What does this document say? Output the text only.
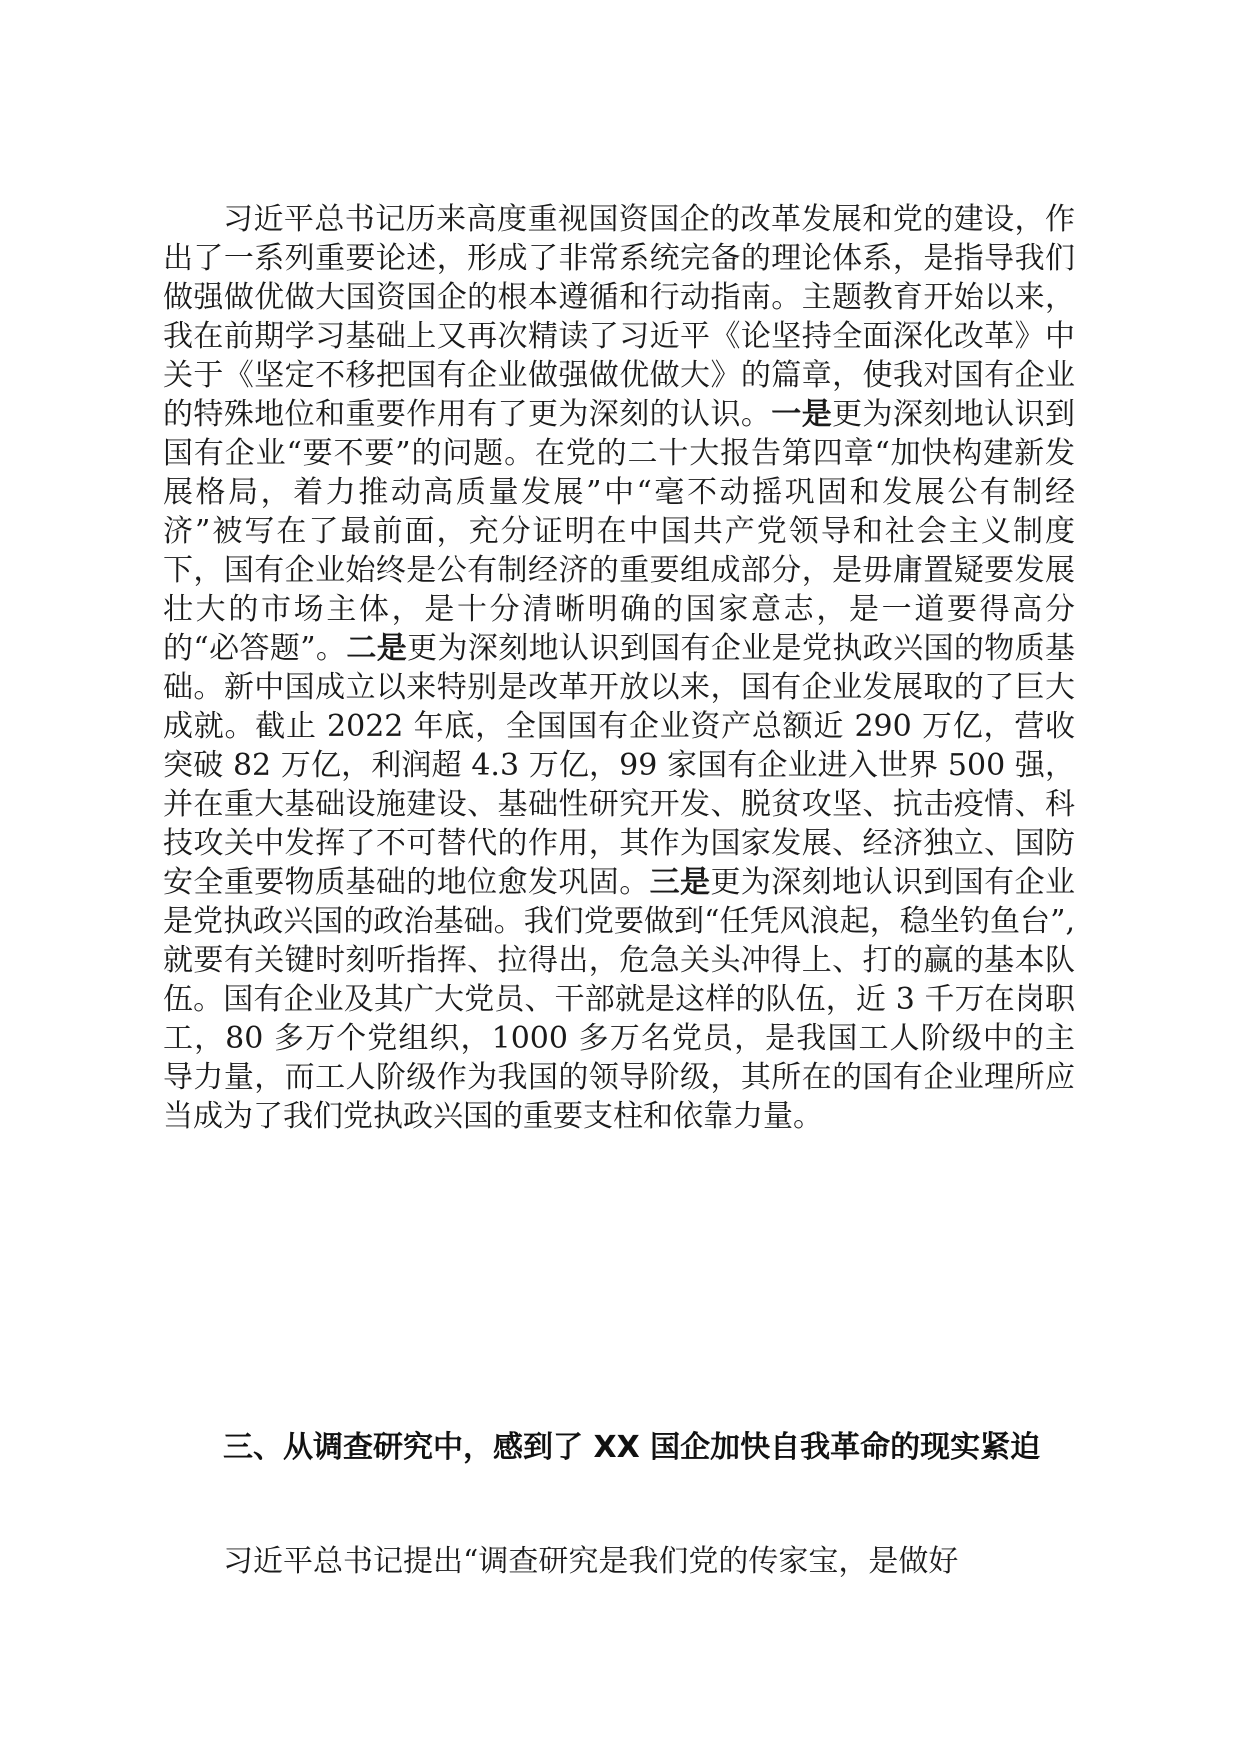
习近平总书记历来高度重视国资国企的改革发展和党的建设，作出了一系列重要论述，形成了非常系统完备的理论体系，是指导我们做强做优做大国资国企的根本遵循和行动指南。主题教育开始以来，我在前期学习基础上又再次精读了习近平《论坚持全面深化改革》中关于《坚定不移把国有企业做强做优做大》的篇章，使我对国有企业的特殊地位和重要作用有了更为深刻的认识。一是更为深刻地认识到国有企业“要不要”的问题。在党的二十大报告第四章“加快构建新发展格局，着力推动高质量发展”中“毫不动摇巩固和发展公有制经济”被写在了最前面，充分证明在中国共产党领导和社会主义制度下，国有企业始终是公有制经济的重要组成部分，是毋庸置疑要发展壮大的市场主体，是十分清晰明确的国家意志，是一道要得高分的“必答题”。二是更为深刻地认识到国有企业是党执政兴国的物质基础。新中国成立以来特别是改革开放以来，国有企业发展取的了巨大成就。截止 2022 年底，全国国有企业资产总额近 290 万亿，营收突破 82 万亿，利润超 4.3 万亿，99 家国有企业进入世界 500 强，并在重大基础设施建设、基础性研究开发、脱贫攻坚、抗击疫情、科技攻关中发挥了不可替代的作用，其作为国家发展、经济独立、国防安全重要物质基础的地位愈发巩固。三是更为深刻地认识到国有企业是党执政兴国的政治基础。我们党要做到“任凭风浪起，稳坐钓鱼台”,就要有关键时刻听指挥、拉得出，危急关头冲得上、打的赢的基本队伍。国有企业及其广大党员、干部就是这样的队伍，近 3 千万在岗职工，80 多万个党组织，1000 多万名党员，是我国工人阶级中的主导力量，而工人阶级作为我国的领导阶级，其所在的国有企业理所应当成为了我们党执政兴国的重要支柱和依靠力量。
三、从调查研究中，感到了 XX 国企加快自我革命的现实紧迫
习近平总书记提出“调查研究是我们党的传家宝，是做好
